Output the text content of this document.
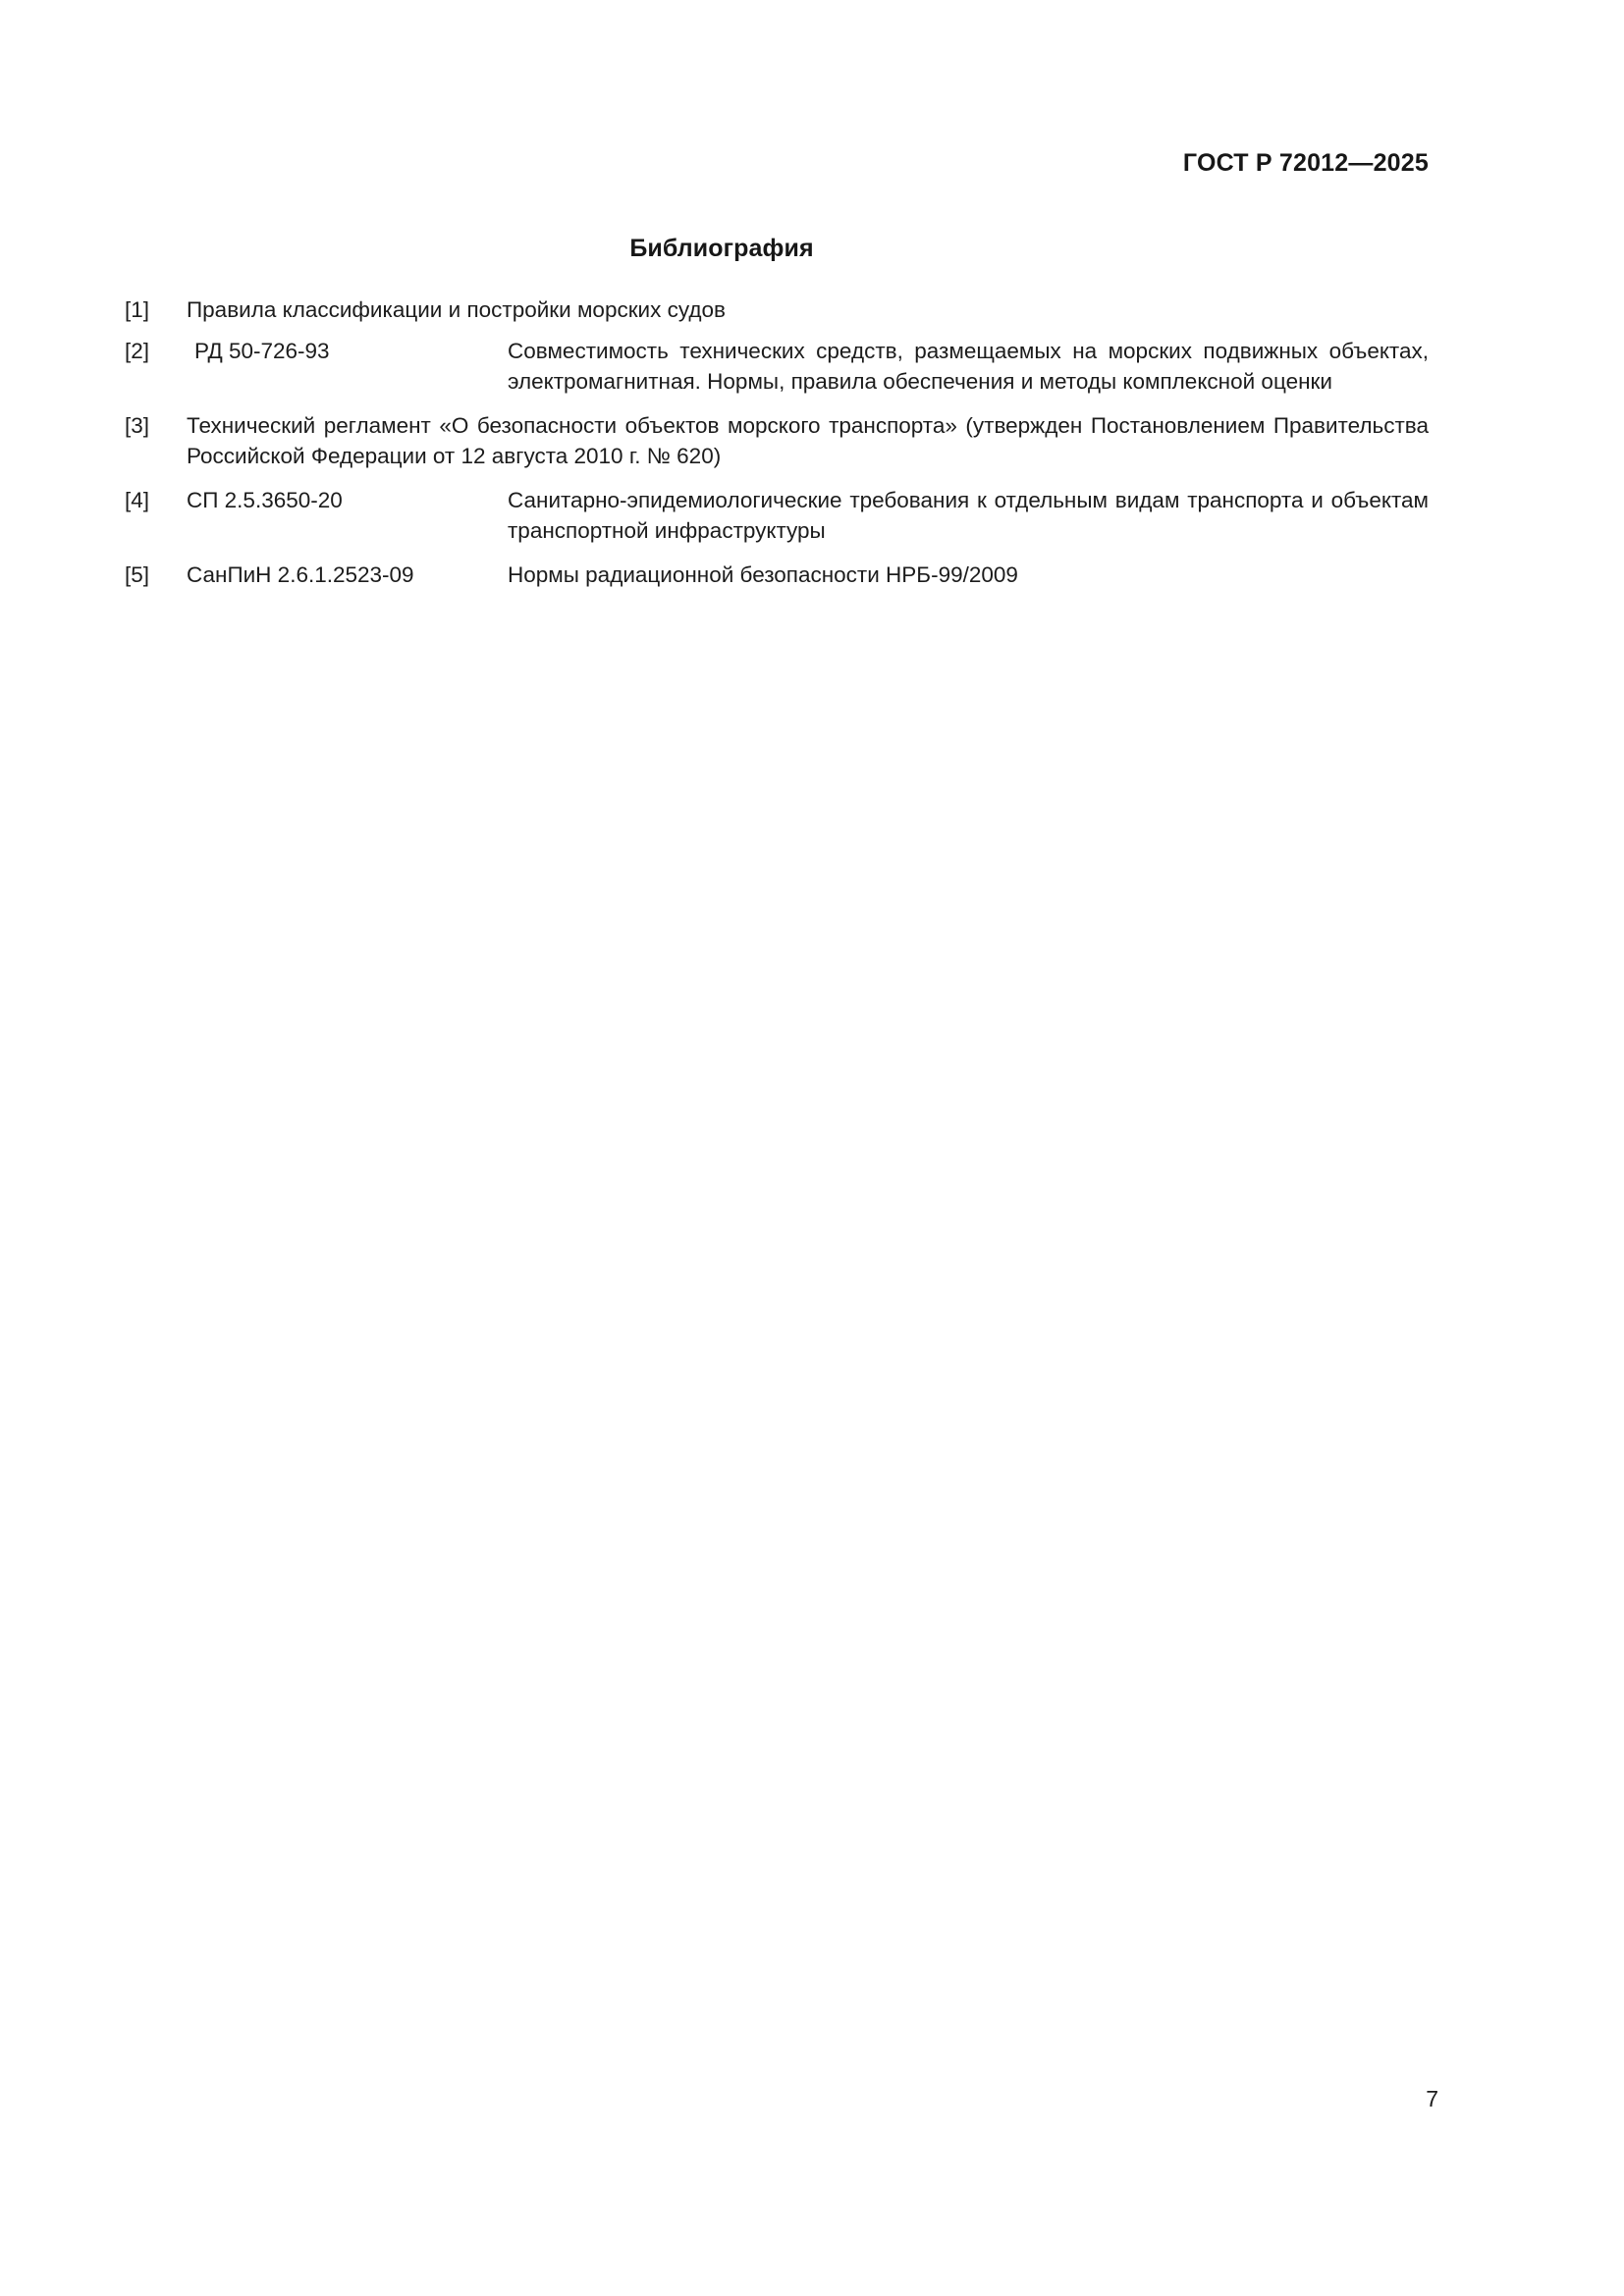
ГОСТ Р 72012—2025
Библиография
[1]	Правила классификации и постройки морских судов
[2]	РД 50-726-93	Совместимость технических средств, размещаемых на морских подвижных объектах, электромагнитная. Нормы, правила обеспечения и методы комплексной оценки
[3]	Технический регламент «О безопасности объектов морского транспорта» (утвержден Постановлением Правительства Российской Федерации от 12 августа 2010 г. № 620)
[4]	СП 2.5.3650-20	Санитарно-эпидемиологические требования к отдельным видам транспорта и объектам транспортной инфраструктуры
[5]	СанПиН 2.6.1.2523-09	Нормы радиационной безопасности НРБ-99/2009
7
